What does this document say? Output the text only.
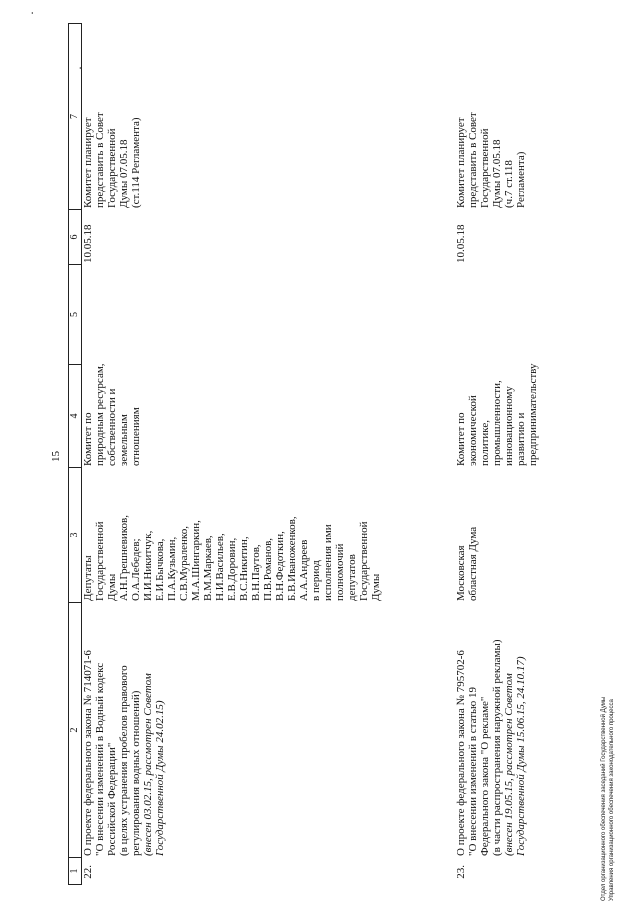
·
·
15
1
2
3
4
5
6
7
22.
О проекте федерального закона № 714071-6 "О внесении изменений в Водный кодекс Российской Федерации" (в целях устранения пробелов правового регулирования водных отношений) (внесен 03.02.15, рассмотрен Советом Государственной Думы 24.02.15)
Депутаты Государственной Думы А.Н.Грешневиков, О.А.Лебедев; И.И.Никитчук, Е.И.Бычкова, П.А.Кузьмин, С.В.Мураленко, М.А.Шингаркин, В.М.Маркаев, Н.И.Васильев, Е.В.Доровин, В.С.Никитин, В.Н.Паутов, П.В.Романов, В.Н.Федоткин, Б.В.Иваноженков, А.А.Андреев в период исполнения ими полномочий депутатов Государственной Думы
Комитет по природным ресурсам, собственности и земельным отношениям
10.05.18
Комитет планирует представить в Совет Государственной Думы 07.05.18 (ст.114 Регламента)
23.
О проекте федерального закона № 795702-6 "О внесении изменений в статью 19 Федерального закона "О рекламе" (в части распространения наружной рекламы) (внесен 19.05.15, рассмотрен Советом Государственной Думы 15.06.15, 24.10.17)
Московская областная Дума
Комитет по экономической политике, промышленности, инновационному развитию и предпринимательству
10.05.18
Комитет планирует представить в Совет Государственной Думы 07.05.18 (ч.7 ст.118 Регламента)
Отдел организационного обеспечения заседаний Государственной Думы Управления организационного обеспечения законодательного процесса
